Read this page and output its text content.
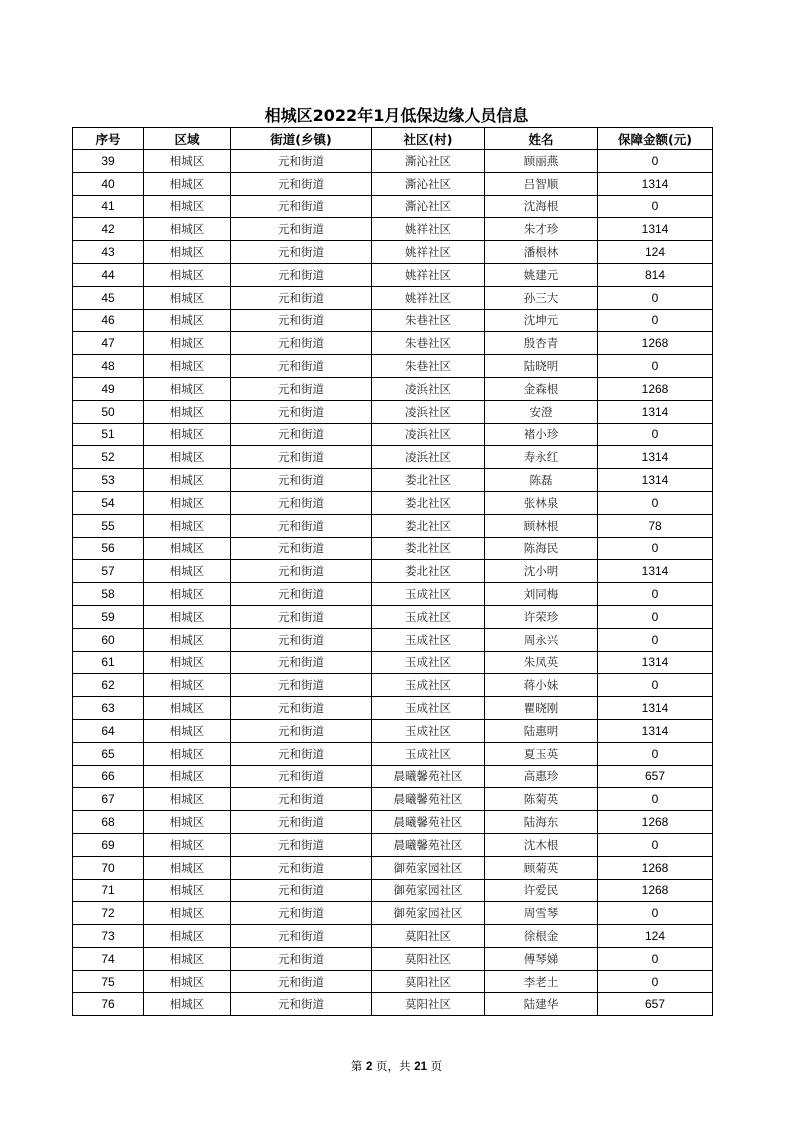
相城区2022年1月低保边缘人员信息
序号	区域	街道(乡镇)	社区(村)	姓名	保障金额(元)
39	相城区	元和街道	澌沁社区	顾丽燕	0
40	相城区	元和街道	澌沁社区	吕智顺	1314
41	相城区	元和街道	澌沁社区	沈海根	0
42	相城区	元和街道	姚祥社区	朱才珍	1314
43	相城区	元和街道	姚祥社区	潘根林	124
44	相城区	元和街道	姚祥社区	姚建元	814
45	相城区	元和街道	姚祥社区	孙三大	0
46	相城区	元和街道	朱巷社区	沈坤元	0
47	相城区	元和街道	朱巷社区	殷杏青	1268
48	相城区	元和街道	朱巷社区	陆晓明	0
49	相城区	元和街道	凌浜社区	金森根	1268
50	相城区	元和街道	凌浜社区	安澄	1314
51	相城区	元和街道	凌浜社区	褚小珍	0
52	相城区	元和街道	凌浜社区	寿永红	1314
53	相城区	元和街道	娄北社区	陈磊	1314
54	相城区	元和街道	娄北社区	张林泉	0
55	相城区	元和街道	娄北社区	顾林根	78
56	相城区	元和街道	娄北社区	陈海民	0
57	相城区	元和街道	娄北社区	沈小明	1314
58	相城区	元和街道	玉成社区	刘同梅	0
59	相城区	元和街道	玉成社区	许荣珍	0
60	相城区	元和街道	玉成社区	周永兴	0
61	相城区	元和街道	玉成社区	朱凤英	1314
62	相城区	元和街道	玉成社区	蒋小妹	0
63	相城区	元和街道	玉成社区	瞿晓刚	1314
64	相城区	元和街道	玉成社区	陆惠明	1314
65	相城区	元和街道	玉成社区	夏玉英	0
66	相城区	元和街道	晨曦馨苑社区	高惠珍	657
67	相城区	元和街道	晨曦馨苑社区	陈菊英	0
68	相城区	元和街道	晨曦馨苑社区	陆海东	1268
69	相城区	元和街道	晨曦馨苑社区	沈木根	0
70	相城区	元和街道	御苑家园社区	顾菊英	1268
71	相城区	元和街道	御苑家园社区	许爱民	1268
72	相城区	元和街道	御苑家园社区	周雪琴	0
73	相城区	元和街道	莫阳社区	徐根金	124
74	相城区	元和街道	莫阳社区	傅琴娣	0
75	相城区	元和街道	莫阳社区	李老土	0
76	相城区	元和街道	莫阳社区	陆建华	657
第 2 页，共 21 页
